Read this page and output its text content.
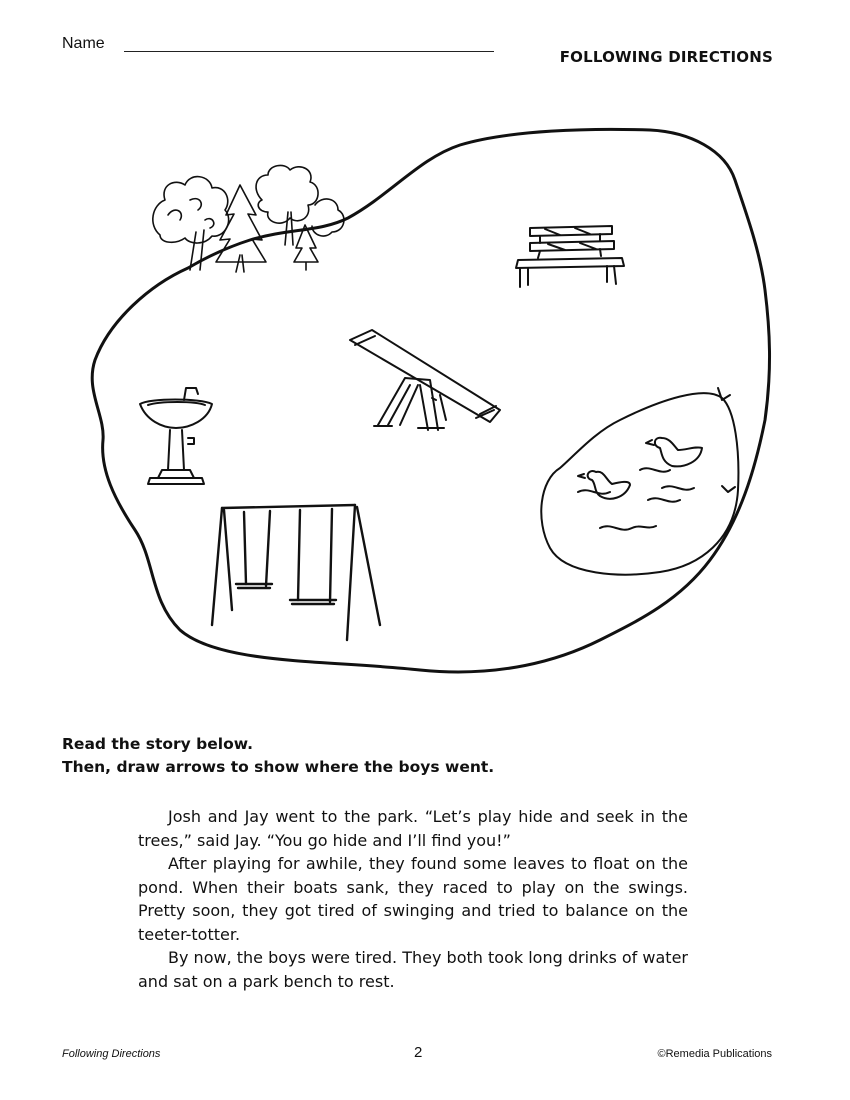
Name
FOLLOWING DIRECTIONS
Read the story below.
Then, draw arrows to show where the boys went.

Josh and Jay went to the park. “Let’s play hide and seek in the trees,” said Jay. “You go hide and I’ll find you!”

After playing for awhile, they found some leaves to float on the pond. When their boats sank, they raced to play on the swings. Pretty soon, they got tired of swinging and tried to balance on the teeter-totter.

By now, the boys were tired. They both took long drinks of water and sat on a park bench to rest.

Following Directions	2	©Remedia Publications
